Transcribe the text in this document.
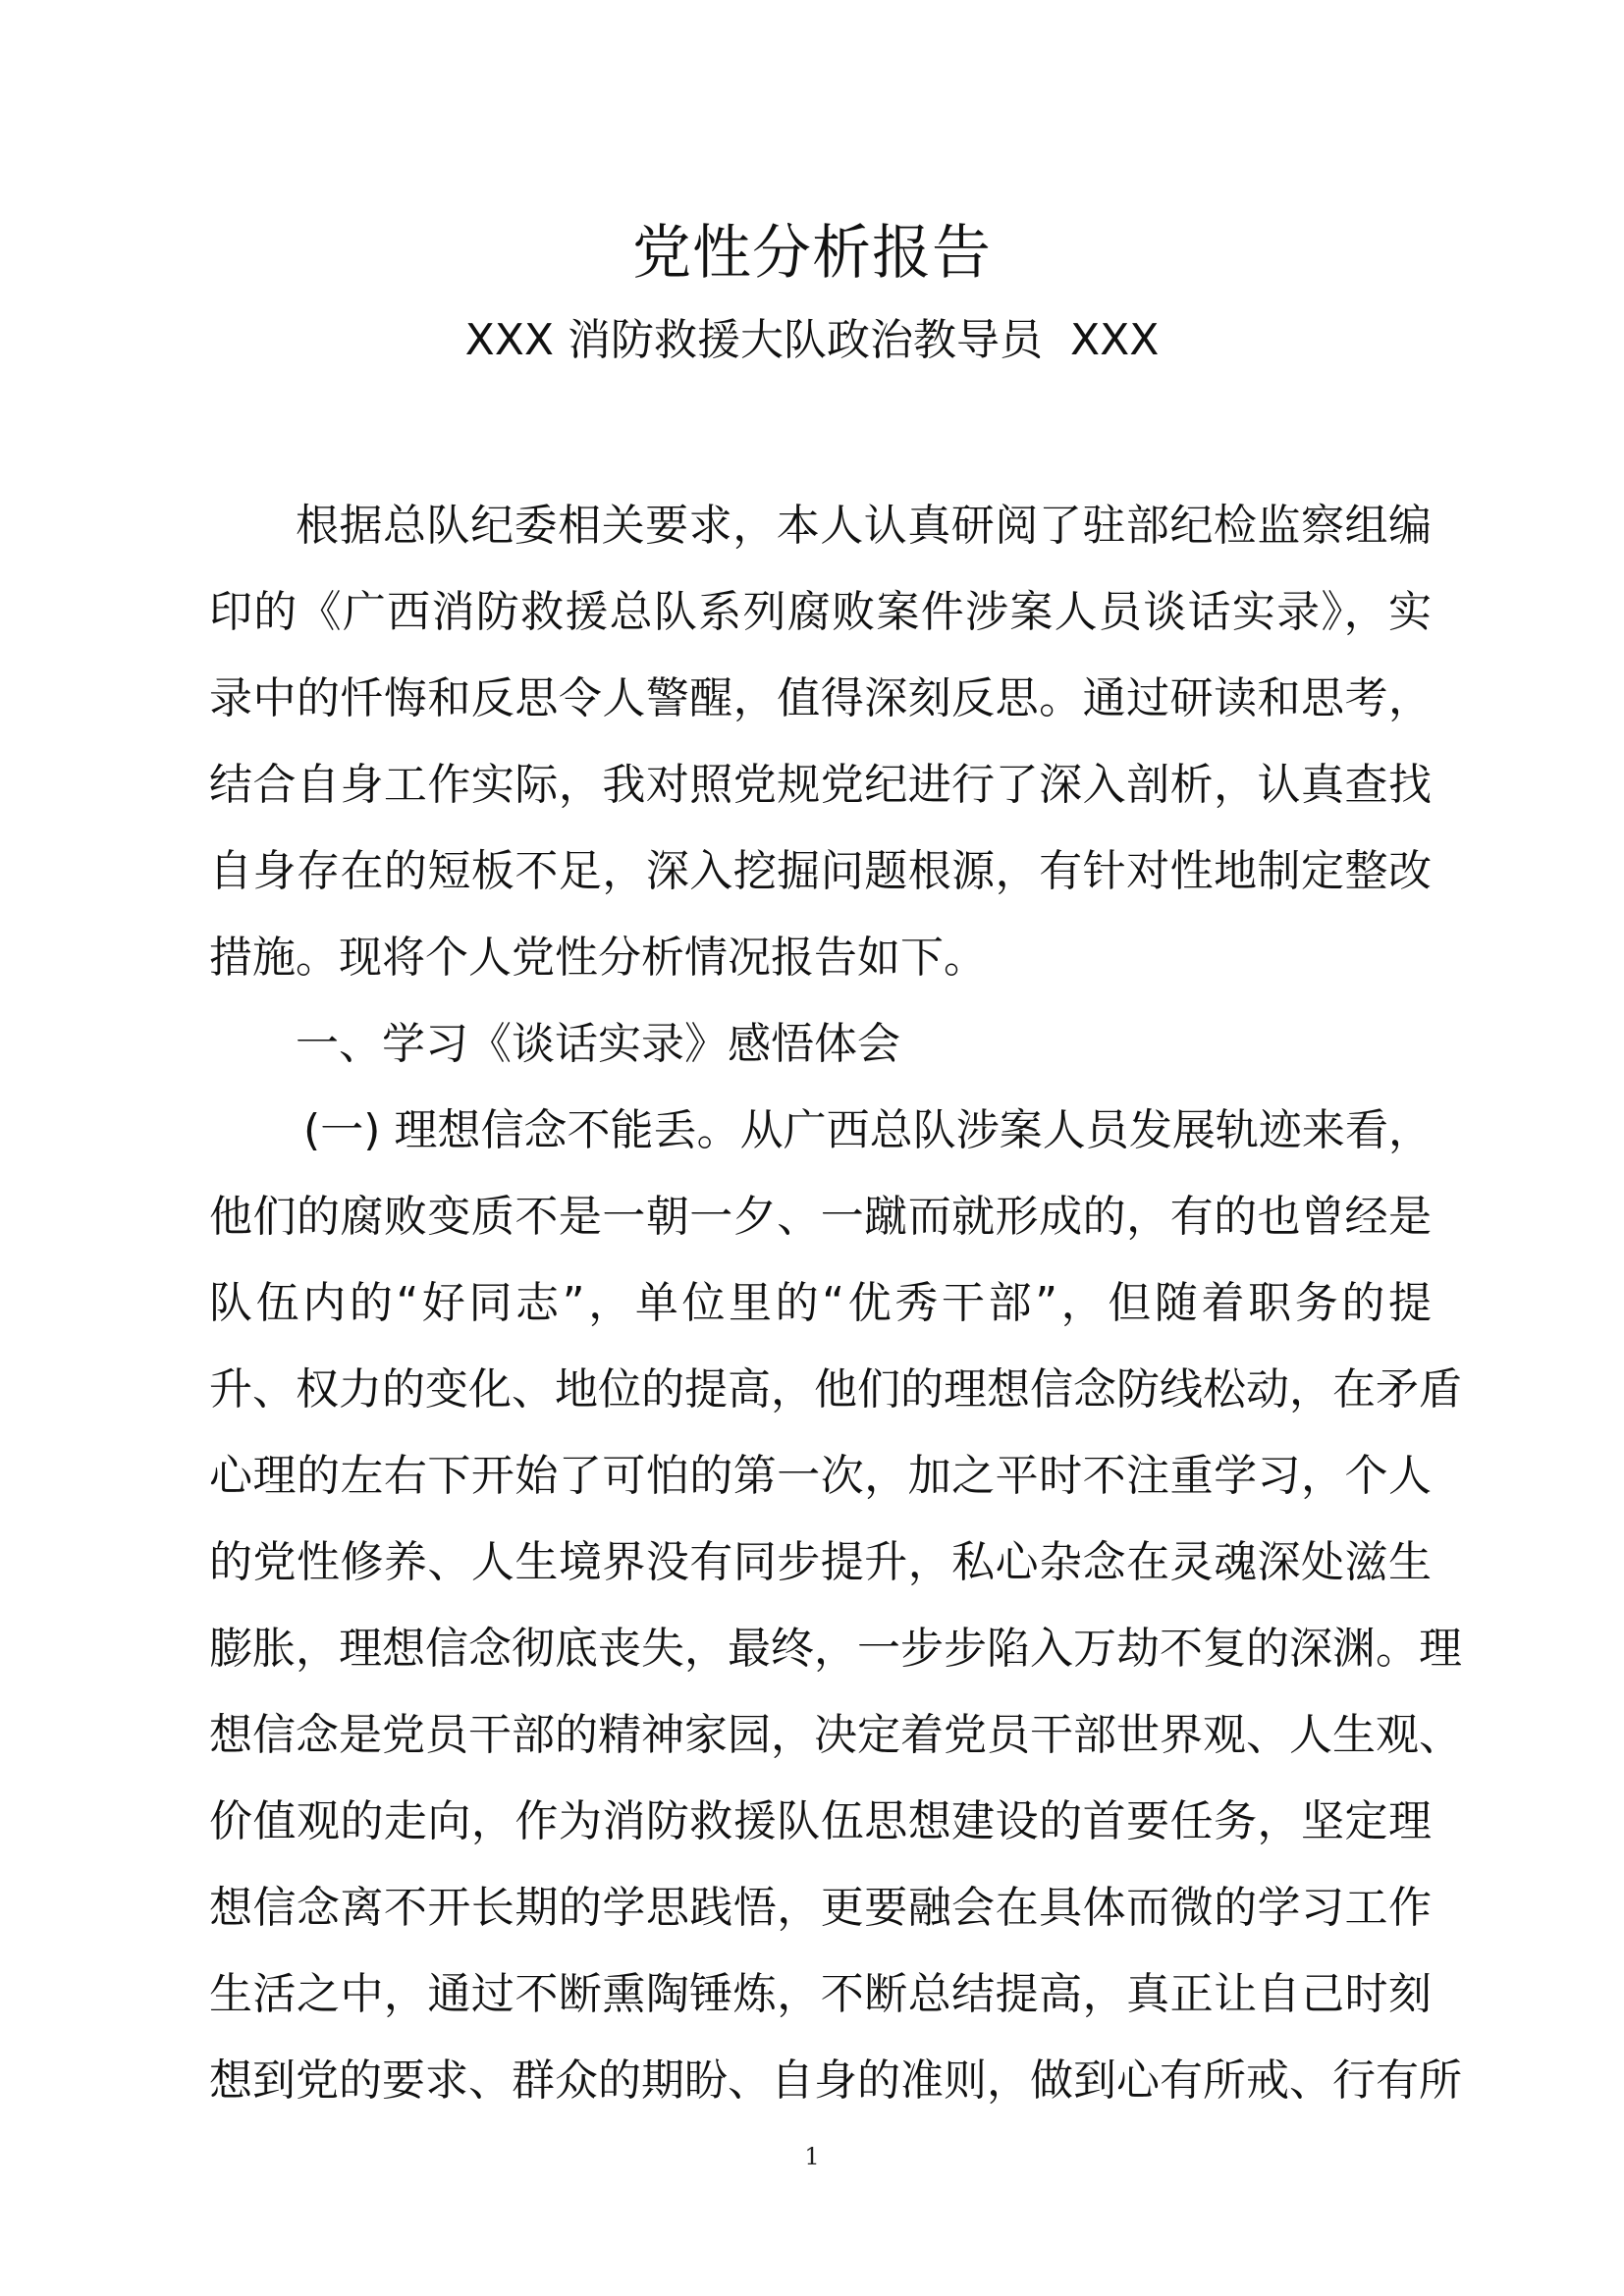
党性分析报告
XXX 消防救援大队政治教导员  XXX
根据总队纪委相关要求，本人认真研阅了驻部纪检监察组编
印的《广西消防救援总队系列腐败案件涉案人员谈话实录》，实
录中的忏悔和反思令人警醒，值得深刻反思。通过研读和思考，
结合自身工作实际，我对照党规党纪进行了深入剖析，认真查找
自身存在的短板不足，深入挖掘问题根源，有针对性地制定整改
措施。现将个人党性分析情况报告如下。
一、学习《谈话实录》感悟体会
(一) 理想信念不能丢。从广西总队涉案人员发展轨迹来看，
他们的腐败变质不是一朝一夕、一蹴而就形成的，有的也曾经是
队伍内的“好同志”，单位里的“优秀干部”，但随着职务的提
升、权力的变化、地位的提高，他们的理想信念防线松动，在矛盾
心理的左右下开始了可怕的第一次，加之平时不注重学习，个人
的党性修养、人生境界没有同步提升，私心杂念在灵魂深处滋生
膨胀，理想信念彻底丧失，最终，一步步陷入万劫不复的深渊。理
想信念是党员干部的精神家园，决定着党员干部世界观、人生观、
价值观的走向，作为消防救援队伍思想建设的首要任务，坚定理
想信念离不开长期的学思践悟，更要融会在具体而微的学习工作
生活之中，通过不断熏陶锤炼，不断总结提高，真正让自己时刻
想到党的要求、群众的期盼、自身的准则，做到心有所戒、行有所
1
